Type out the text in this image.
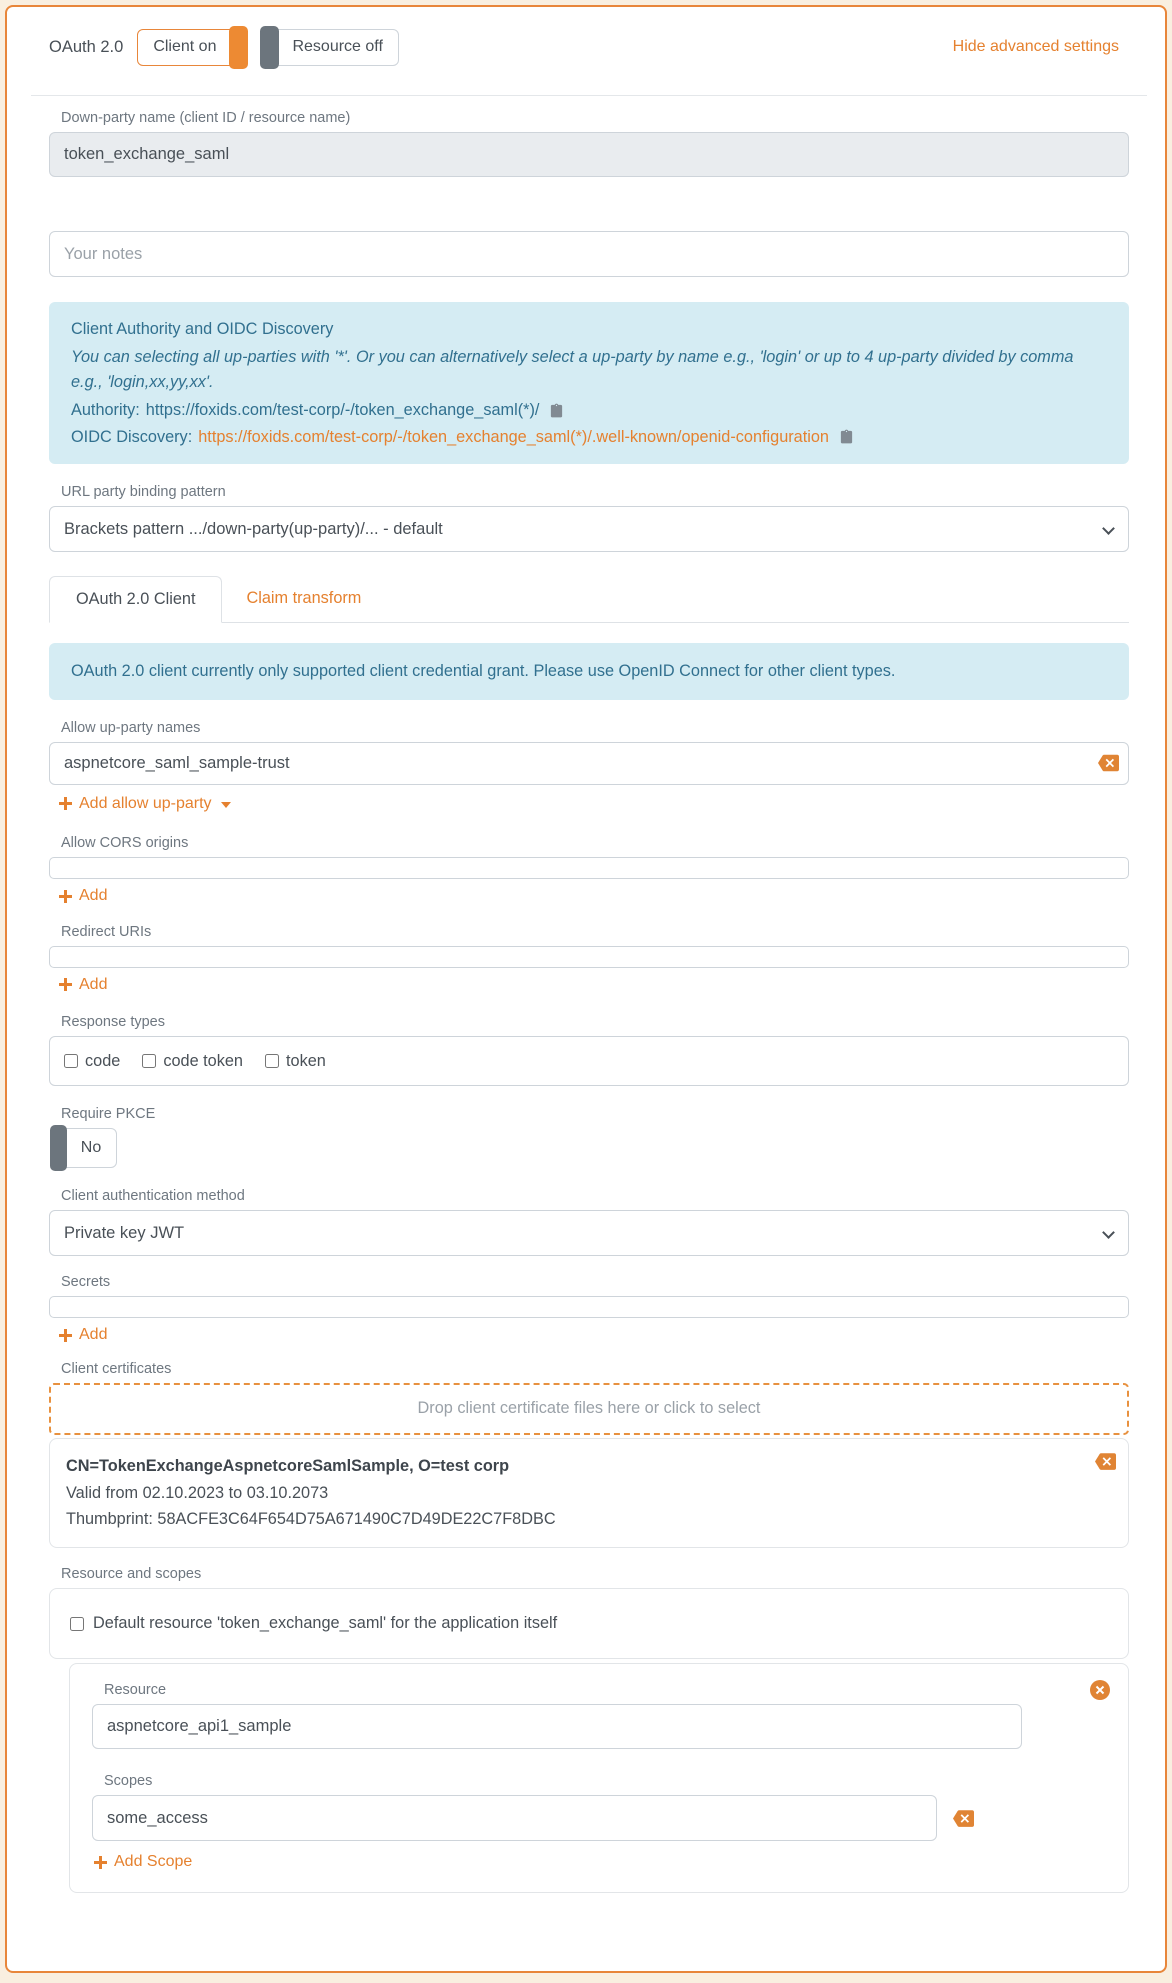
OAuth 2.0 Client on	Resource off	Hide advanced settings
Down-party name (client ID / resource name)
token_exchange_saml
Your notes
Client Authority and OIDC Discovery
You can selecting all up-parties with '*'. Or you can alternatively select a up-party by name e.g., 'login' or up to 4 up-party divided by comma e.g., 'login,xx,yy,xx'.
Authority: https://foxids.com/test-corp/-/token_exchange_saml(*)/
OIDC Discovery: https://foxids.com/test-corp/-/token_exchange_saml(*)/.well-known/openid-configuration
URL party binding pattern
Brackets pattern .../down-party(up-party)/... - default
OAuth 2.0 Client	Claim transform
OAuth 2.0 client currently only supported client credential grant. Please use OpenID Connect for other client types.
Allow up-party names
aspnetcore_saml_sample-trust
Add allow up-party
Allow CORS origins
Add
Redirect URIs
Add
Response types
code	code token	token
Require PKCE
No
Client authentication method
Private key JWT
Secrets
Add
Client certificates
Drop client certificate files here or click to select
CN=TokenExchangeAspnetcoreSamlSample, O=test corp
Valid from 02.10.2023 to 03.10.2073
Thumbprint: 58ACFE3C64F654D75A671490C7D49DE22C7F8DBC
Resource and scopes
Default resource 'token_exchange_saml' for the application itself
Resource
aspnetcore_api1_sample
Scopes
some_access
Add Scope
